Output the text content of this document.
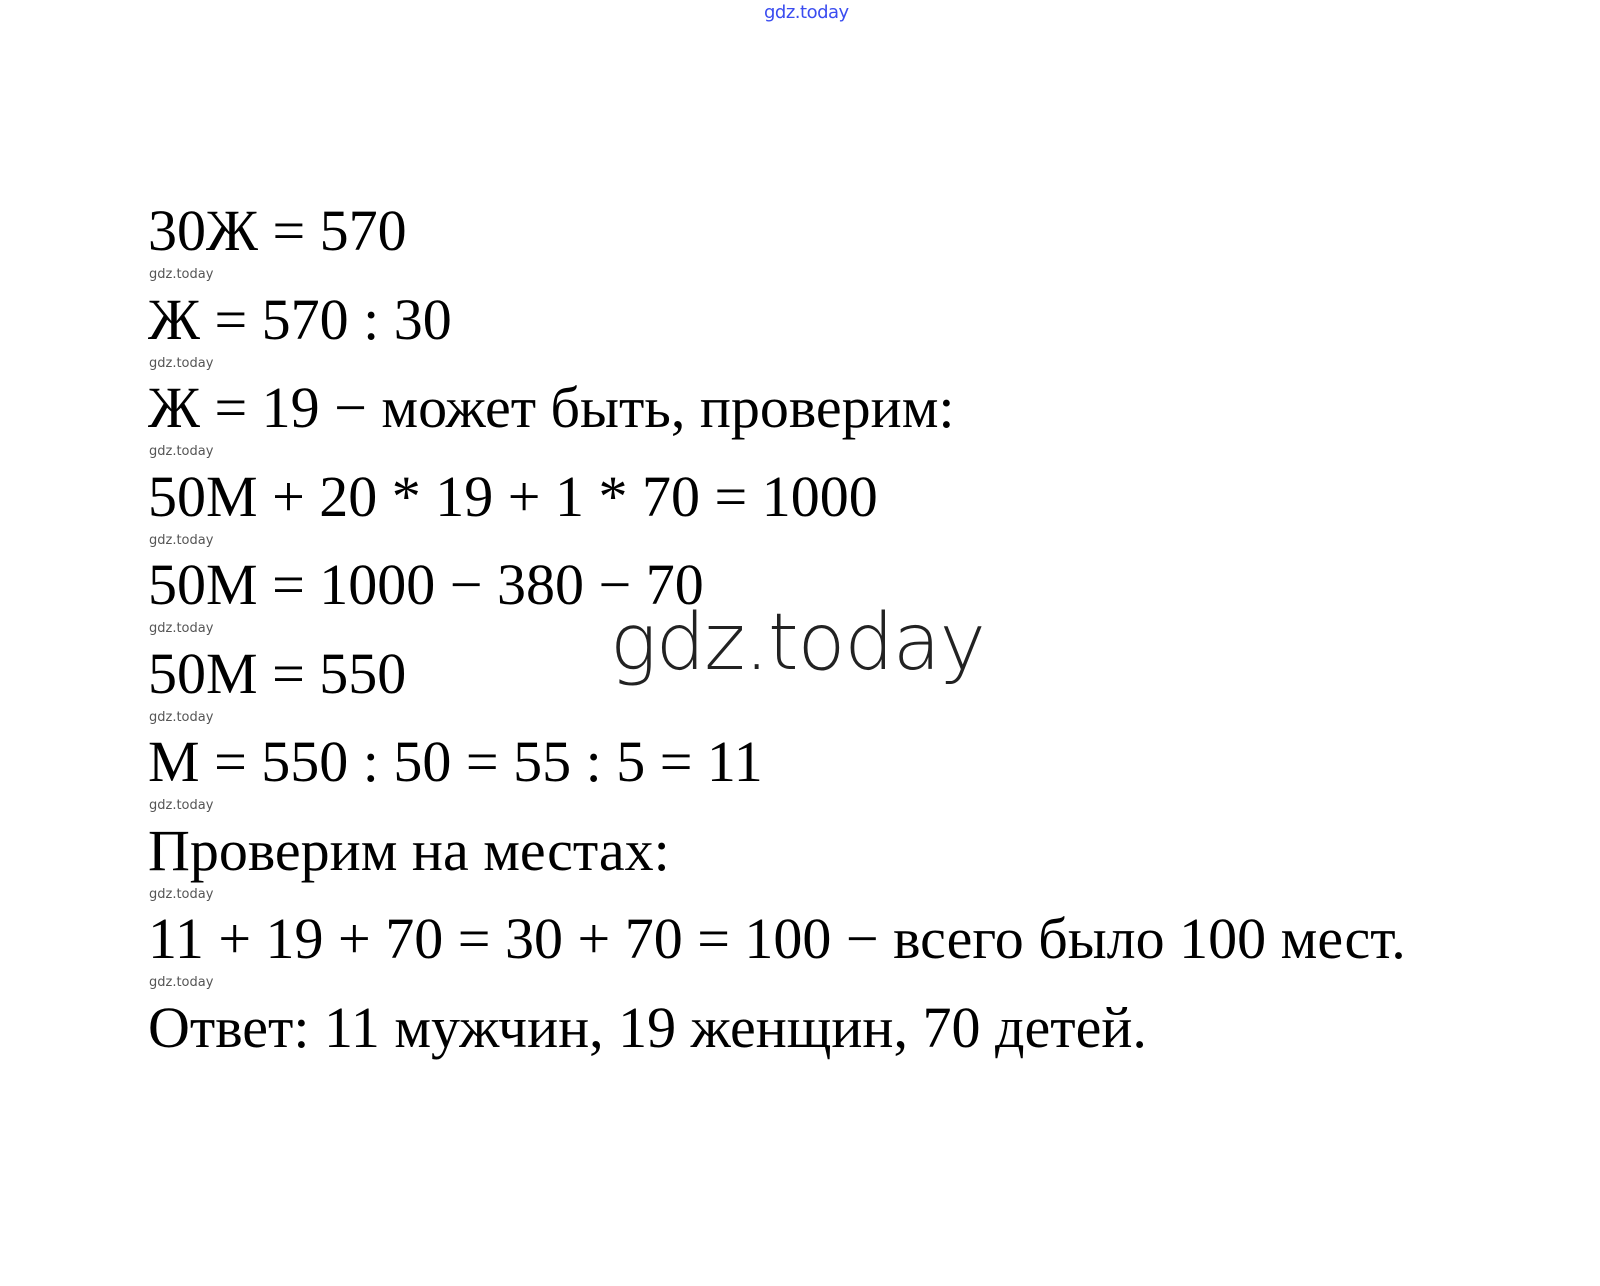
gdz.today
30Ж = 570
gdz.today
Ж = 570 : 30
gdz.today
Ж = 19 − может быть, проверим:
gdz.today
50М + 20 * 19 + 1 * 70 = 1000
gdz.today
50М = 1000 − 380 − 70
gdz.today
50М = 550
gdz.today
М = 550 : 50 = 55 : 5 = 11
gdz.today
Проверим на местах:
gdz.today
11 + 19 + 70 = 30 + 70 = 100 − всего было 100 мест.
gdz.today
Ответ: 11 мужчин, 19 женщин, 70 детей.
gdz.today
